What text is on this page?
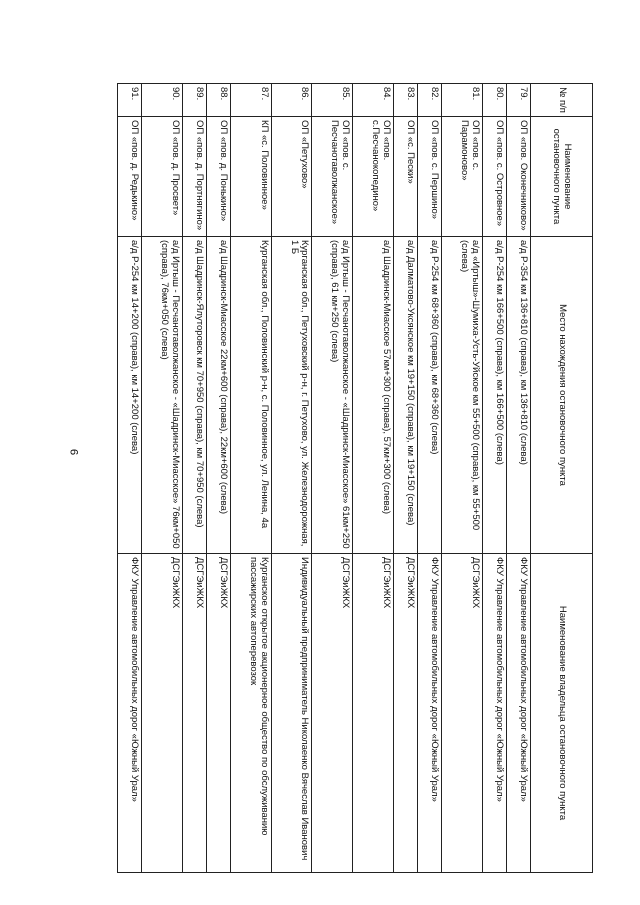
9
№ п/п	Наименование остановочного пункта	Место нахождения остановочного пункта	Наименование владельца остановочного пункта
79.	ОП «пов. Оконечниково»	а/д Р-354 км 136+810 (справа), км 136+810 (слева)	ФКУ Управление автомобильных дорог «Южный Урал»
80.	ОП «пов. с. Островное»	а/д Р-254 км 166+500 (справа), км 166+500 (слева)	ФКУ Управление автомобильных дорог «Южный Урал»
81.	ОП «пов. с. Парамоново»	а/д «Иртыш»-Шумиха-Усть-Уйское км 55+500 (справа), км 55+500 (слева)	ДСГЭиЖКХ
82.	ОП «пов. с. Першино»	а/д Р-254 км 68+360 (справа), км 68+360 (слева)	ФКУ Управление автомобильных дорог «Южный Урал»
83.	ОП «с. Пески»	а/д Далматово-Уксянское км 19+150 (справа), км 19+150 (слева)	ДСГЭиЖКХ
84.	ОП «пов. с.Песчанокопедино»	а/д Шадринск-Миасское 57км+300 (справа), 57км+300 (слева)	ДСГЭиЖКХ
85.	ОП «пов. с. Песчанотаволжанское»	а/д Иртыш - Песчанотаволжанское - «Шадринск-Миасское» 61км+250 (справа), 61 км+250 (слева)	ДСГЭиЖКХ
86.	ОП «Петухово»	Курганская обл., Петуховский р-н, г. Петухово, ул. Железнодорожная, 1 Б	Индивидуальный предприниматель Николаенко Вячеслав Иванович
87.	КП «с. Половинное»	Курганская обл., Половинский р-н, с. Половинное, ул. Ленина, 4а	Курганское открытое акционерное общество по обслуживанию пассажирских автоперевозок
88.	ОП «пов. д. Понькино»	а/д Шадринск-Миасское 22км+600 (справа), 22км+600 (слева)	ДСГЭиЖКХ
89.	ОП «пов. д. Портнягино»	а/д Шадринск-Ялуторовск км 70+950 (справа), км 70+950 (слева)	ДСГЭиЖКХ
90.	ОП «пов. д. Просвет»	а/д Иртыш - Песчанотаволжанское - «Шадринск-Миасское» 76км+050 (справа), 76км+050 (слева)	ДСГЭиЖКХ
91.	ОП «пов. д. Редькино»	а/д Р-254 км 14+200 (справа), км 14+200 (слева)	ФКУ Управление автомобильных дорог «Южный Урал»
